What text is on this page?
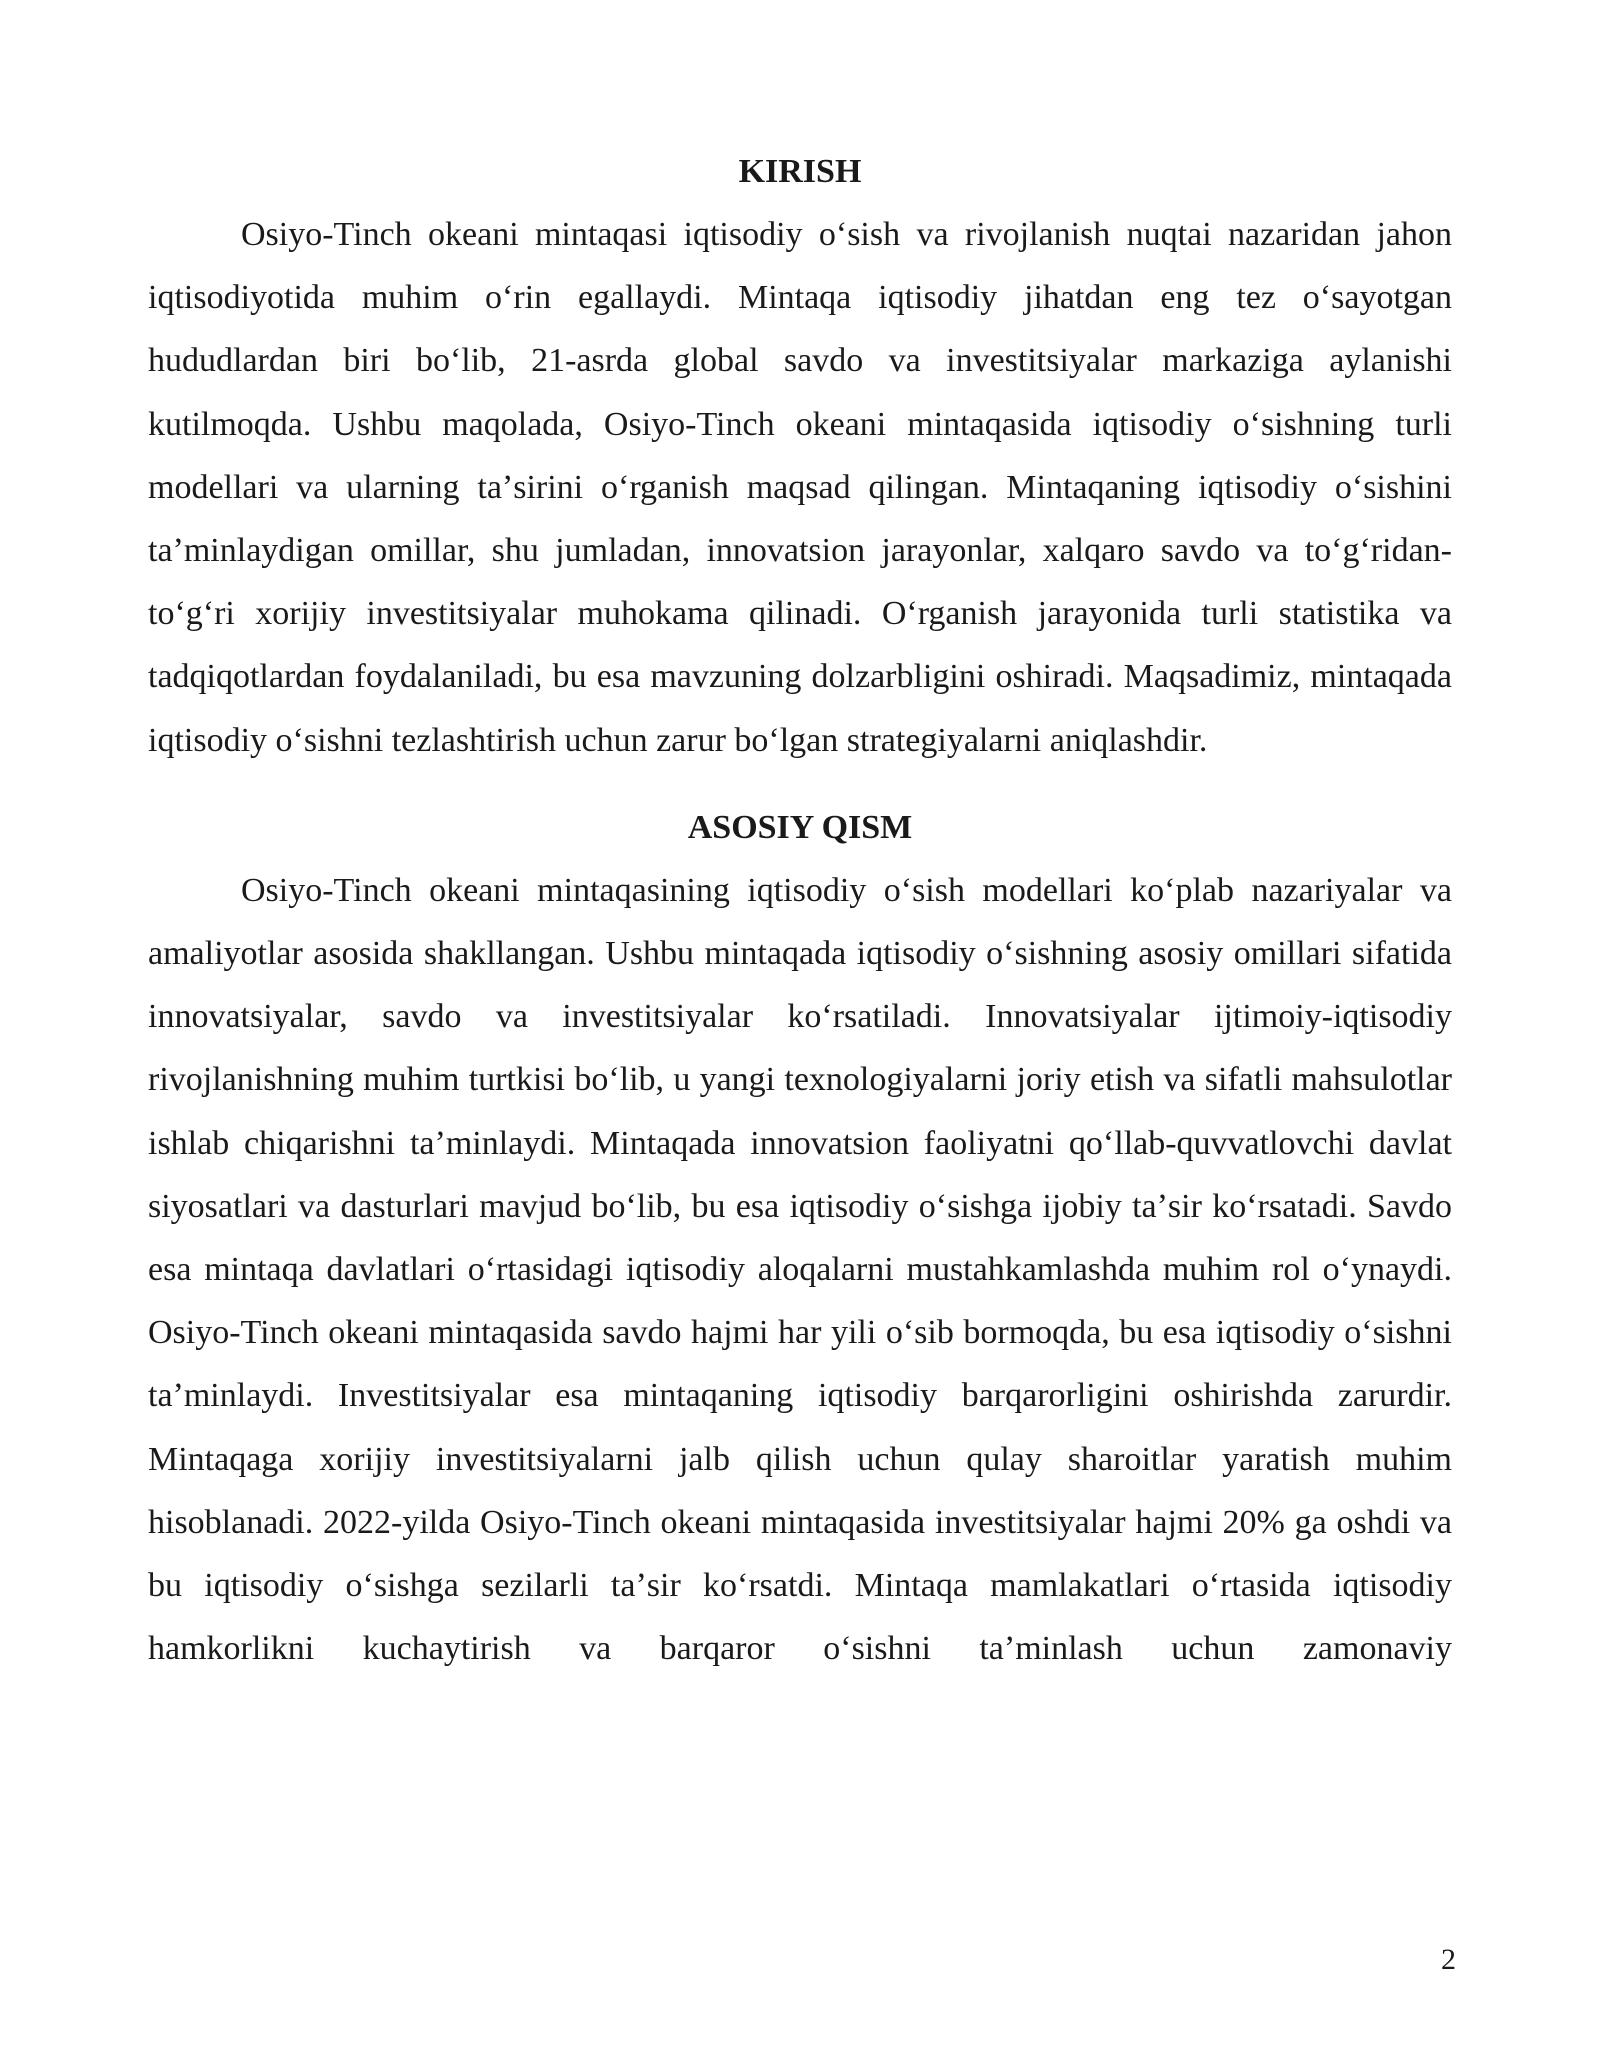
KIRISH

Osiyo-Tinch okeani mintaqasi iqtisodiy oʻsish va rivojlanish nuqtai nazaridan jahon iqtisodiyotida muhim oʻrin egallaydi. Mintaqa iqtisodiy jihatdan eng tez oʻsayotgan hududlardan biri boʻlib, 21-asrda global savdo va investitsiyalar markaziga aylanishi kutilmoqda. Ushbu maqolada, Osiyo-Tinch okeani mintaqasida iqtisodiy oʻsishning turli modellari va ularning taʼsirini oʻrganish maqsad qilingan. Mintaqaning iqtisodiy oʻsishini taʼminlaydigan omillar, shu jumladan, innovatsion jarayonlar, xalqaro savdo va toʻgʻridan-toʻgʻri xorijiy investitsiyalar muhokama qilinadi. Oʻrganish jarayonida turli statistika va tadqiqotlardan foydalaniladi, bu esa mavzuning dolzarbligini oshiradi. Maqsadimiz, mintaqada iqtisodiy oʻsishni tezlashtirish uchun zarur boʻlgan strategiyalarni aniqlashdir.

ASOSIY QISM

Osiyo-Tinch okeani mintaqasining iqtisodiy oʻsish modellari koʻplab nazariyalar va amaliyotlar asosida shakllangan. Ushbu mintaqada iqtisodiy oʻsishning asosiy omillari sifatida innovatsiyalar, savdo va investitsiyalar koʻrsatiladi. Innovatsiyalar ijtimoiy-iqtisodiy rivojlanishning muhim turtkisi boʻlib, u yangi texnologiyalarni joriy etish va sifatli mahsulotlar ishlab chiqarishni taʼminlaydi. Mintaqada innovatsion faoliyatni qoʻllab-quvvatlovchi davlat siyosatlari va dasturlari mavjud boʻlib, bu esa iqtisodiy oʻsishga ijobiy taʼsir koʻrsatadi. Savdo esa mintaqa davlatlari oʻrtasidagi iqtisodiy aloqalarni mustahkamlashda muhim rol oʻynaydi. Osiyo-Tinch okeani mintaqasida savdo hajmi har yili oʻsib bormoqda, bu esa iqtisodiy oʻsishni taʼminlaydi. Investitsiyalar esa mintaqaning iqtisodiy barqarorligini oshirishda zarurdir. Mintaqaga xorijiy investitsiyalarni jalb qilish uchun qulay sharoitlar yaratish muhim hisoblanadi. 2022-yilda Osiyo-Tinch okeani mintaqasida investitsiyalar hajmi 20% ga oshdi va bu iqtisodiy oʻsishga sezilarli taʼsir koʻrsatdi. Mintaqa mamlakatlari oʻrtasida iqtisodiy hamkorlikni kuchaytirish va barqaror oʻsishni taʼminlash uchun zamonaviy

2
